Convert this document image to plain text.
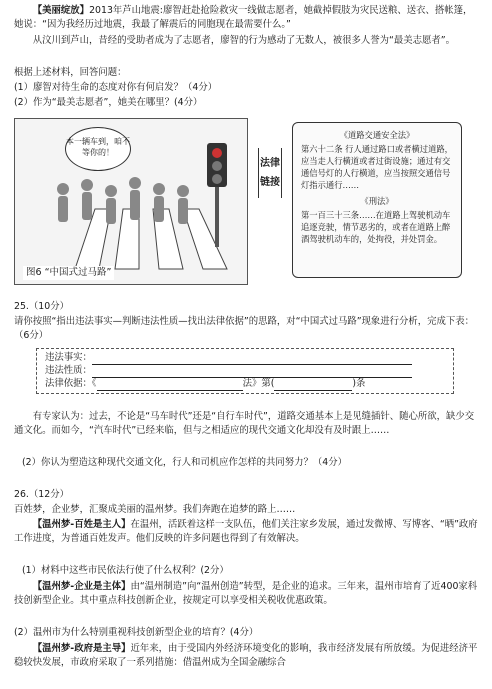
【美丽绽放】2013年芦山地震:廖智赶赴抢险救灾一线做志愿者，她截掉假肢为灾民送粮、送衣、搭帐篷，她说：“因为我经历过地震，我最了解震后的同胞现在最需要什么。”

从汶川到芦山，昔经的受助者成为了志愿者，廖智的行为感动了无数人，被很多人誉为“最美志愿者”。

根据上述材料，回答问题：

(1）廖智对待生命的态度对你有何启发？（4分）

(2）作为“最美志愿者”，她美在哪里？(4分）

本一辆车到，咱不等你的！
图6 “中国式过马路”
法律链接
《道路交通安全法》
第六十二条 行人通过路口或者横过道路，应当走人行横道或者过街设施；通过有交通信号灯的人行横道，应当按照交通信号灯指示通行……
《刑法》
第一百三十三条……在道路上驾驶机动车追逐竞驶，情节恶劣的，或者在道路上醉酒驾驶机动车的，处拘役，并处罚金。

25.（10分）

请你按照“指出违法事实—判断违法性质—找出法律依据”的思路，对“中国式过马路”现象进行分析，完成下表：（6分）

违法事实：
违法性质：
法律依据：《	法》第(	)条

有专家认为：过去，不论是“马车时代”还是“自行车时代”，道路交通基本上是见缝插针、随心所欲，缺少交通文化。而如今，“汽车时代”已经来临，但与之相适应的现代交通文化却没有及时跟上……

(2）你认为塑造这种现代交通文化，行人和司机应作怎样的共同努力？（4分）

26.（12分）

百姓梦，企业梦，汇聚成美丽的温州梦。我们奔跑在追梦的路上……

【温州梦-百姓是主人】在温州，活跃着这样一支队伍，他们关注家乡发展，通过发微博、写博客、“晒”政府工作进度，为普通百姓发声。他们反映的许多问题也得到了有效解决。

(1）材料中这些市民依法行使了什么权利？(2分）

【温州梦-企业是主体】由“温州制造”向“温州创造”转型，是企业的追求。三年来，温州市培育了近400家科技创新型企业。其中重点科技创新企业，按规定可以享受相关税收优惠政策。

(2）温州市为什么特别重视科技创新型企业的培育？(4分）

【温州梦-政府是主导】近年来，由于受国内外经济环境变化的影响，我市经济发展有所放缓。为促进经济平稳较快发展，市政府采取了一系列措施：借温州成为全国金融综合
